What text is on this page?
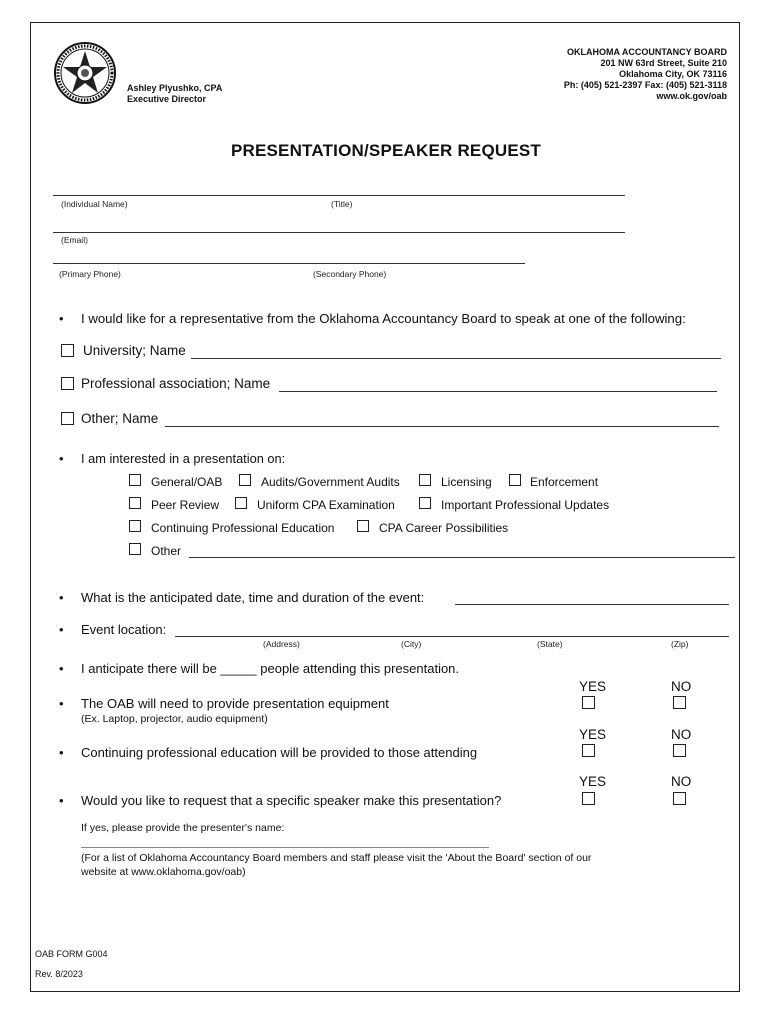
Ashley Plyushko, CPA
Executive Director
OKLAHOMA ACCOUNTANCY BOARD
201 NW 63rd Street, Suite 210
Oklahoma City, OK 73116
Ph: (405) 521-2397 Fax: (405) 521-3118
www.ok.gov/oab
PRESENTATION/SPEAKER REQUEST
(Individual Name)	(Title)
(Email)
(Primary Phone)	(Secondary Phone)
• I would like for a representative from the Oklahoma Accountancy Board to speak at one of the following:
University; Name
Professional association; Name
Other; Name
• I am interested in a presentation on:
General/OAB	Audits/Government Audits	Licensing	Enforcement
Peer Review	Uniform CPA Examination	Important Professional Updates
Continuing Professional Education	CPA Career Possibilities
Other
• What is the anticipated date, time and duration of the event:
• Event location:
(Address)	(City)	(State)	(Zip)
• I anticipate there will be _____ people attending this presentation.
YES	NO
• The OAB will need to provide presentation equipment
(Ex. Laptop, projector, audio equipment)
YES	NO
• Continuing professional education will be provided to those attending
YES	NO
• Would you like to request that a specific speaker make this presentation?
If yes, please provide the presenter's name:
(For a list of Oklahoma Accountancy Board members and staff please visit the 'About the Board' section of our
website at www.oklahoma.gov/oab)
OAB FORM G004
Rev. 8/2023
